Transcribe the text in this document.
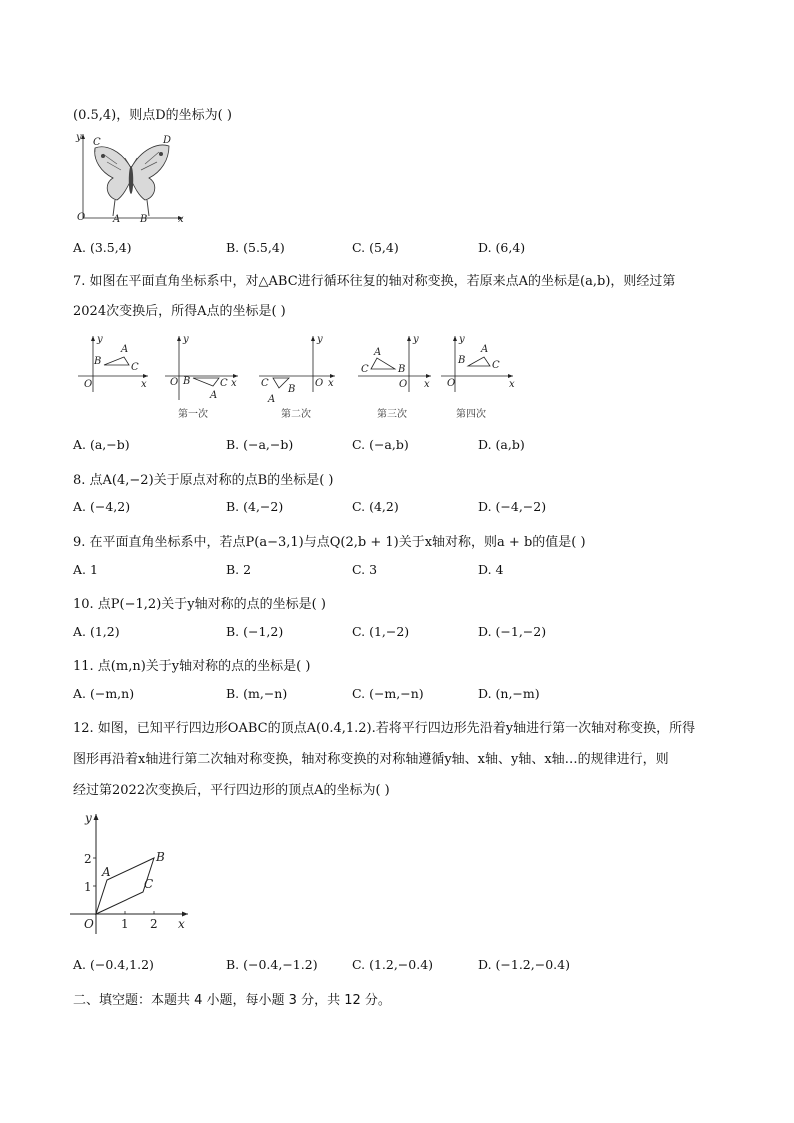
(0.5,4)，则点D的坐标为( )
y C	D
O	A B	x
A. (3.5,4)	B. (5.5,4)	C. (5,4)	D. (6,4)
7. 如图在平面直角坐标系中，对△ABC进行循环往复的轴对称变换，若原来点A的坐标是(a,b)，则经过第
2024次变换后，所得A点的坐标是( )
y
A
B
C
O	x
y
O B	C
A
x
第一次
y
C
B
A
O x
第二次
y
A
C	B
O x
第三次
y
B
A
C
O	x
第四次
A. (a,−b)	B. (−a,−b)	C. (−a,b)	D. (a,b)
8. 点A(4,−2)关于原点对称的点B的坐标是( )
A. (−4,2)	B. (4,−2)	C. (4,2)	D. (−4,−2)
9. 在平面直角坐标系中，若点P(a−3,1)与点Q(2,b + 1)关于x轴对称，则a + b的值是( )
A. 1	B. 2	C. 3	D. 4
10. 点P(−1,2)关于y轴对称的点的坐标是( )
A. (1,2)	B. (−1,2)	C. (1,−2)	D. (−1,−2)
11. 点(m,n)关于y轴对称的点的坐标是( )
A. (−m,n)	B. (m,−n)	C. (−m,−n)	D. (n,−m)
12. 如图，已知平行四边形OABC的顶点A(0.4,1.2).若将平行四边形先沿着y轴进行第一次轴对称变换，所得
图形再沿着x轴进行第二次轴对称变换，轴对称变换的对称轴遵循y轴、x轴、y轴、x轴…的规律进行，则
经过第2022次变换后，平行四边形的顶点A的坐标为( )
y
2
1
O 1 2 x
A
B
C
A. (−0.4,1.2)	B. (−0.4,−1.2)	C. (1.2,−0.4)	D. (−1.2,−0.4)
二、填空题：本题共 4 小题，每小题 3 分，共 12 分。
